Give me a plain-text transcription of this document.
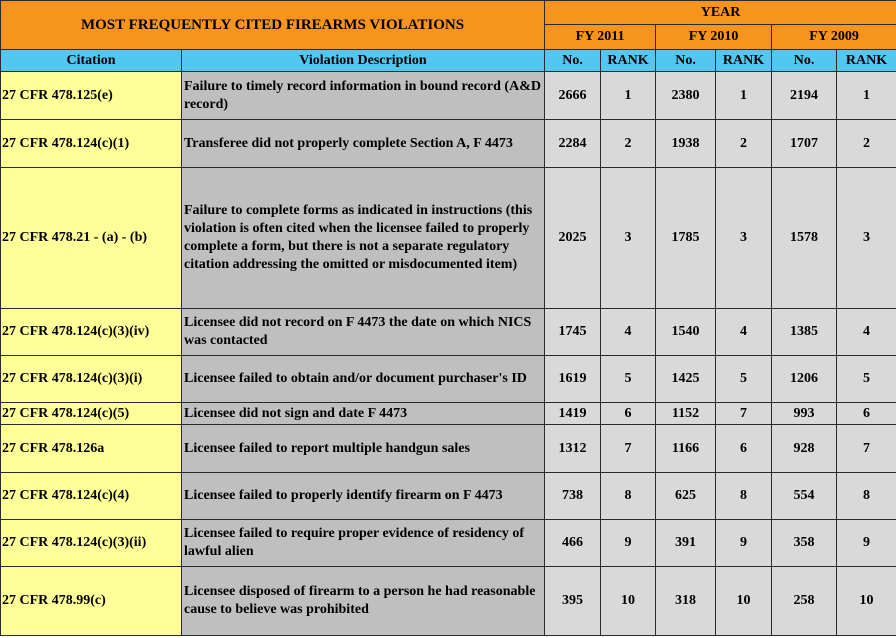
MOST FREQUENTLY CITED FIREARMS VIOLATIONS		YEAR					
		FY 2011		FY 2010		FY 2009	
Citation	Violation Description	No.	RANK	No.	RANK	No.	RANK
27 CFR 478.125(e)	Failure to timely record information in bound record (A&D record)	2666	1	2380	1	2194	1
27 CFR 478.124(c)(1)	Transferee did not properly complete Section A, F 4473	2284	2	1938	2	1707	2
27 CFR 478.21 - (a) - (b)	Failure to complete forms as indicated in instructions (this violation is often cited when the licensee failed to properly complete a form, but there is not a separate regulatory citation addressing the omitted or misdocumented item)	2025	3	1785	3	1578	3
27 CFR 478.124(c)(3)(iv)	Licensee did not record on F 4473 the date on which NICS was contacted	1745	4	1540	4	1385	4
27 CFR 478.124(c)(3)(i)	Licensee failed to obtain and/or document purchaser's ID	1619	5	1425	5	1206	5
27 CFR 478.124(c)(5)	Licensee did not sign and date F 4473	1419	6	1152	7	993	6
27 CFR 478.126a	Licensee failed to report multiple handgun sales	1312	7	1166	6	928	7
27 CFR 478.124(c)(4)	Licensee failed to properly identify firearm on F 4473	738	8	625	8	554	8
27 CFR 478.124(c)(3)(ii)	Licensee failed to require proper evidence of residency of lawful alien	466	9	391	9	358	9
27 CFR 478.99(c)	Licensee disposed of firearm to a person he had reasonable cause to believe was prohibited	395	10	318	10	258	10
